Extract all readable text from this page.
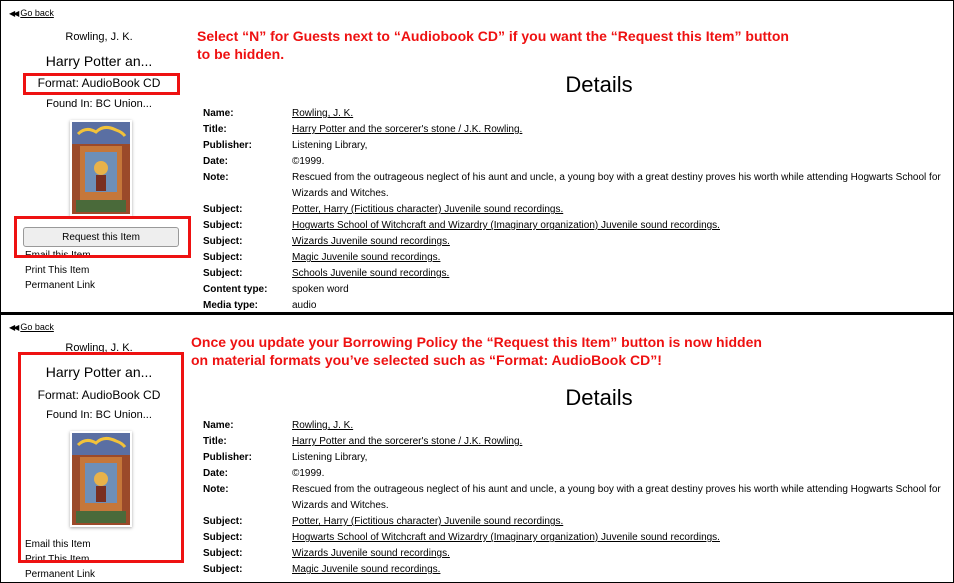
◀◀ Go back
Rowling, J. K.
Harry Potter an...
Format: AudioBook CD
Found In: BC Union...
Request this Item
Email this Item
Print This Item
Permanent Link
Select “N” for Guests next to “Audiobook CD” if you want the “Request this Item” button
to be hidden.
Details
Name:	Rowling, J. K.
Title:	Harry Potter and the sorcerer's stone / J.K. Rowling.
Publisher:	Listening Library,
Date:	©1999.
Note:	Rescued from the outrageous neglect of his aunt and uncle, a young boy with a great destiny proves his worth while attending Hogwarts School for Wizards and Witches.
Subject:	Potter, Harry (Fictitious character) Juvenile sound recordings.
Subject:	Hogwarts School of Witchcraft and Wizardry (Imaginary organization) Juvenile sound recordings.
Subject:	Wizards Juvenile sound recordings.
Subject:	Magic Juvenile sound recordings.
Subject:	Schools Juvenile sound recordings.
Content type:	spoken word
Media type:	audio
◀◀ Go back
Rowling, J. K.
Harry Potter an...
Format: AudioBook CD
Found In: BC Union...
Email this Item
Print This Item
Permanent Link
Once you update your Borrowing Policy the “Request this Item” button is now hidden
on material formats you’ve selected such as “Format: AudioBook CD”!
Details
Name:	Rowling, J. K.
Title:	Harry Potter and the sorcerer's stone / J.K. Rowling.
Publisher:	Listening Library,
Date:	©1999.
Note:	Rescued from the outrageous neglect of his aunt and uncle, a young boy with a great destiny proves his worth while attending Hogwarts School for Wizards and Witches.
Subject:	Potter, Harry (Fictitious character) Juvenile sound recordings.
Subject:	Hogwarts School of Witchcraft and Wizardry (Imaginary organization) Juvenile sound recordings.
Subject:	Wizards Juvenile sound recordings.
Subject:	Magic Juvenile sound recordings.
